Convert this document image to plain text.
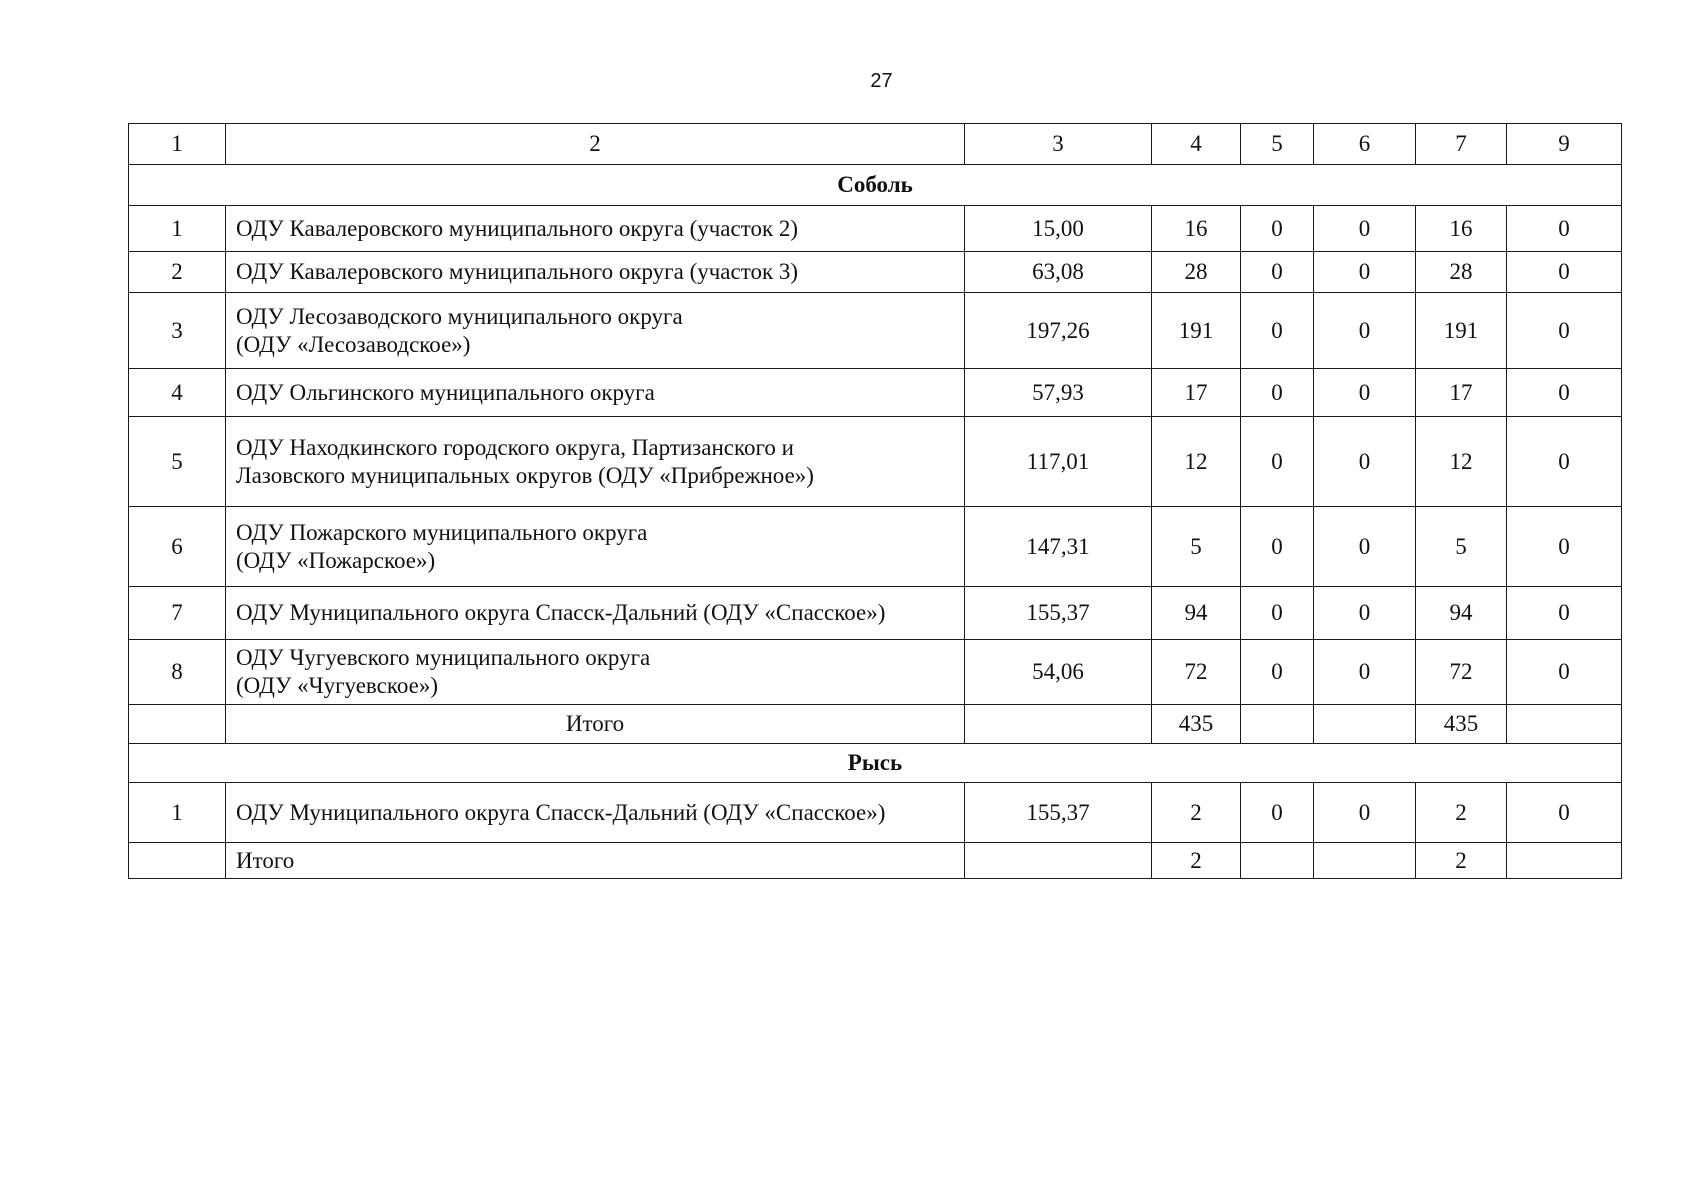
27
1	2	3	4	5	6	7	9
Соболь							
1	ОДУ Кавалеровского муниципального округа (участок 2)	15,00	16	0	0	16	0
2	ОДУ Кавалеровского муниципального округа (участок 3)	63,08	28	0	0	28	0
3	ОДУ Лесозаводского муниципального округа
(ОДУ «Лесозаводское»)	197,26	191	0	0	191	0
4	ОДУ Ольгинского муниципального округа	57,93	17	0	0	17	0
5	ОДУ Находкинского городского округа, Партизанского и
Лазовского муниципальных округов (ОДУ «Прибрежное»)	117,01	12	0	0	12	0
6	ОДУ Пожарского муниципального округа
(ОДУ «Пожарское»)	147,31	5	0	0	5	0
7	ОДУ Муниципального округа Спасск-Дальний (ОДУ «Спасское»)	155,37	94	0	0	94	0
8	ОДУ Чугуевского муниципального округа
(ОДУ «Чугуевское»)	54,06	72	0	0	72	0
	Итого		435			435	
Рысь							
1	ОДУ Муниципального округа Спасск-Дальний (ОДУ «Спасское»)	155,37	2	0	0	2	0
	Итого		2			2	
